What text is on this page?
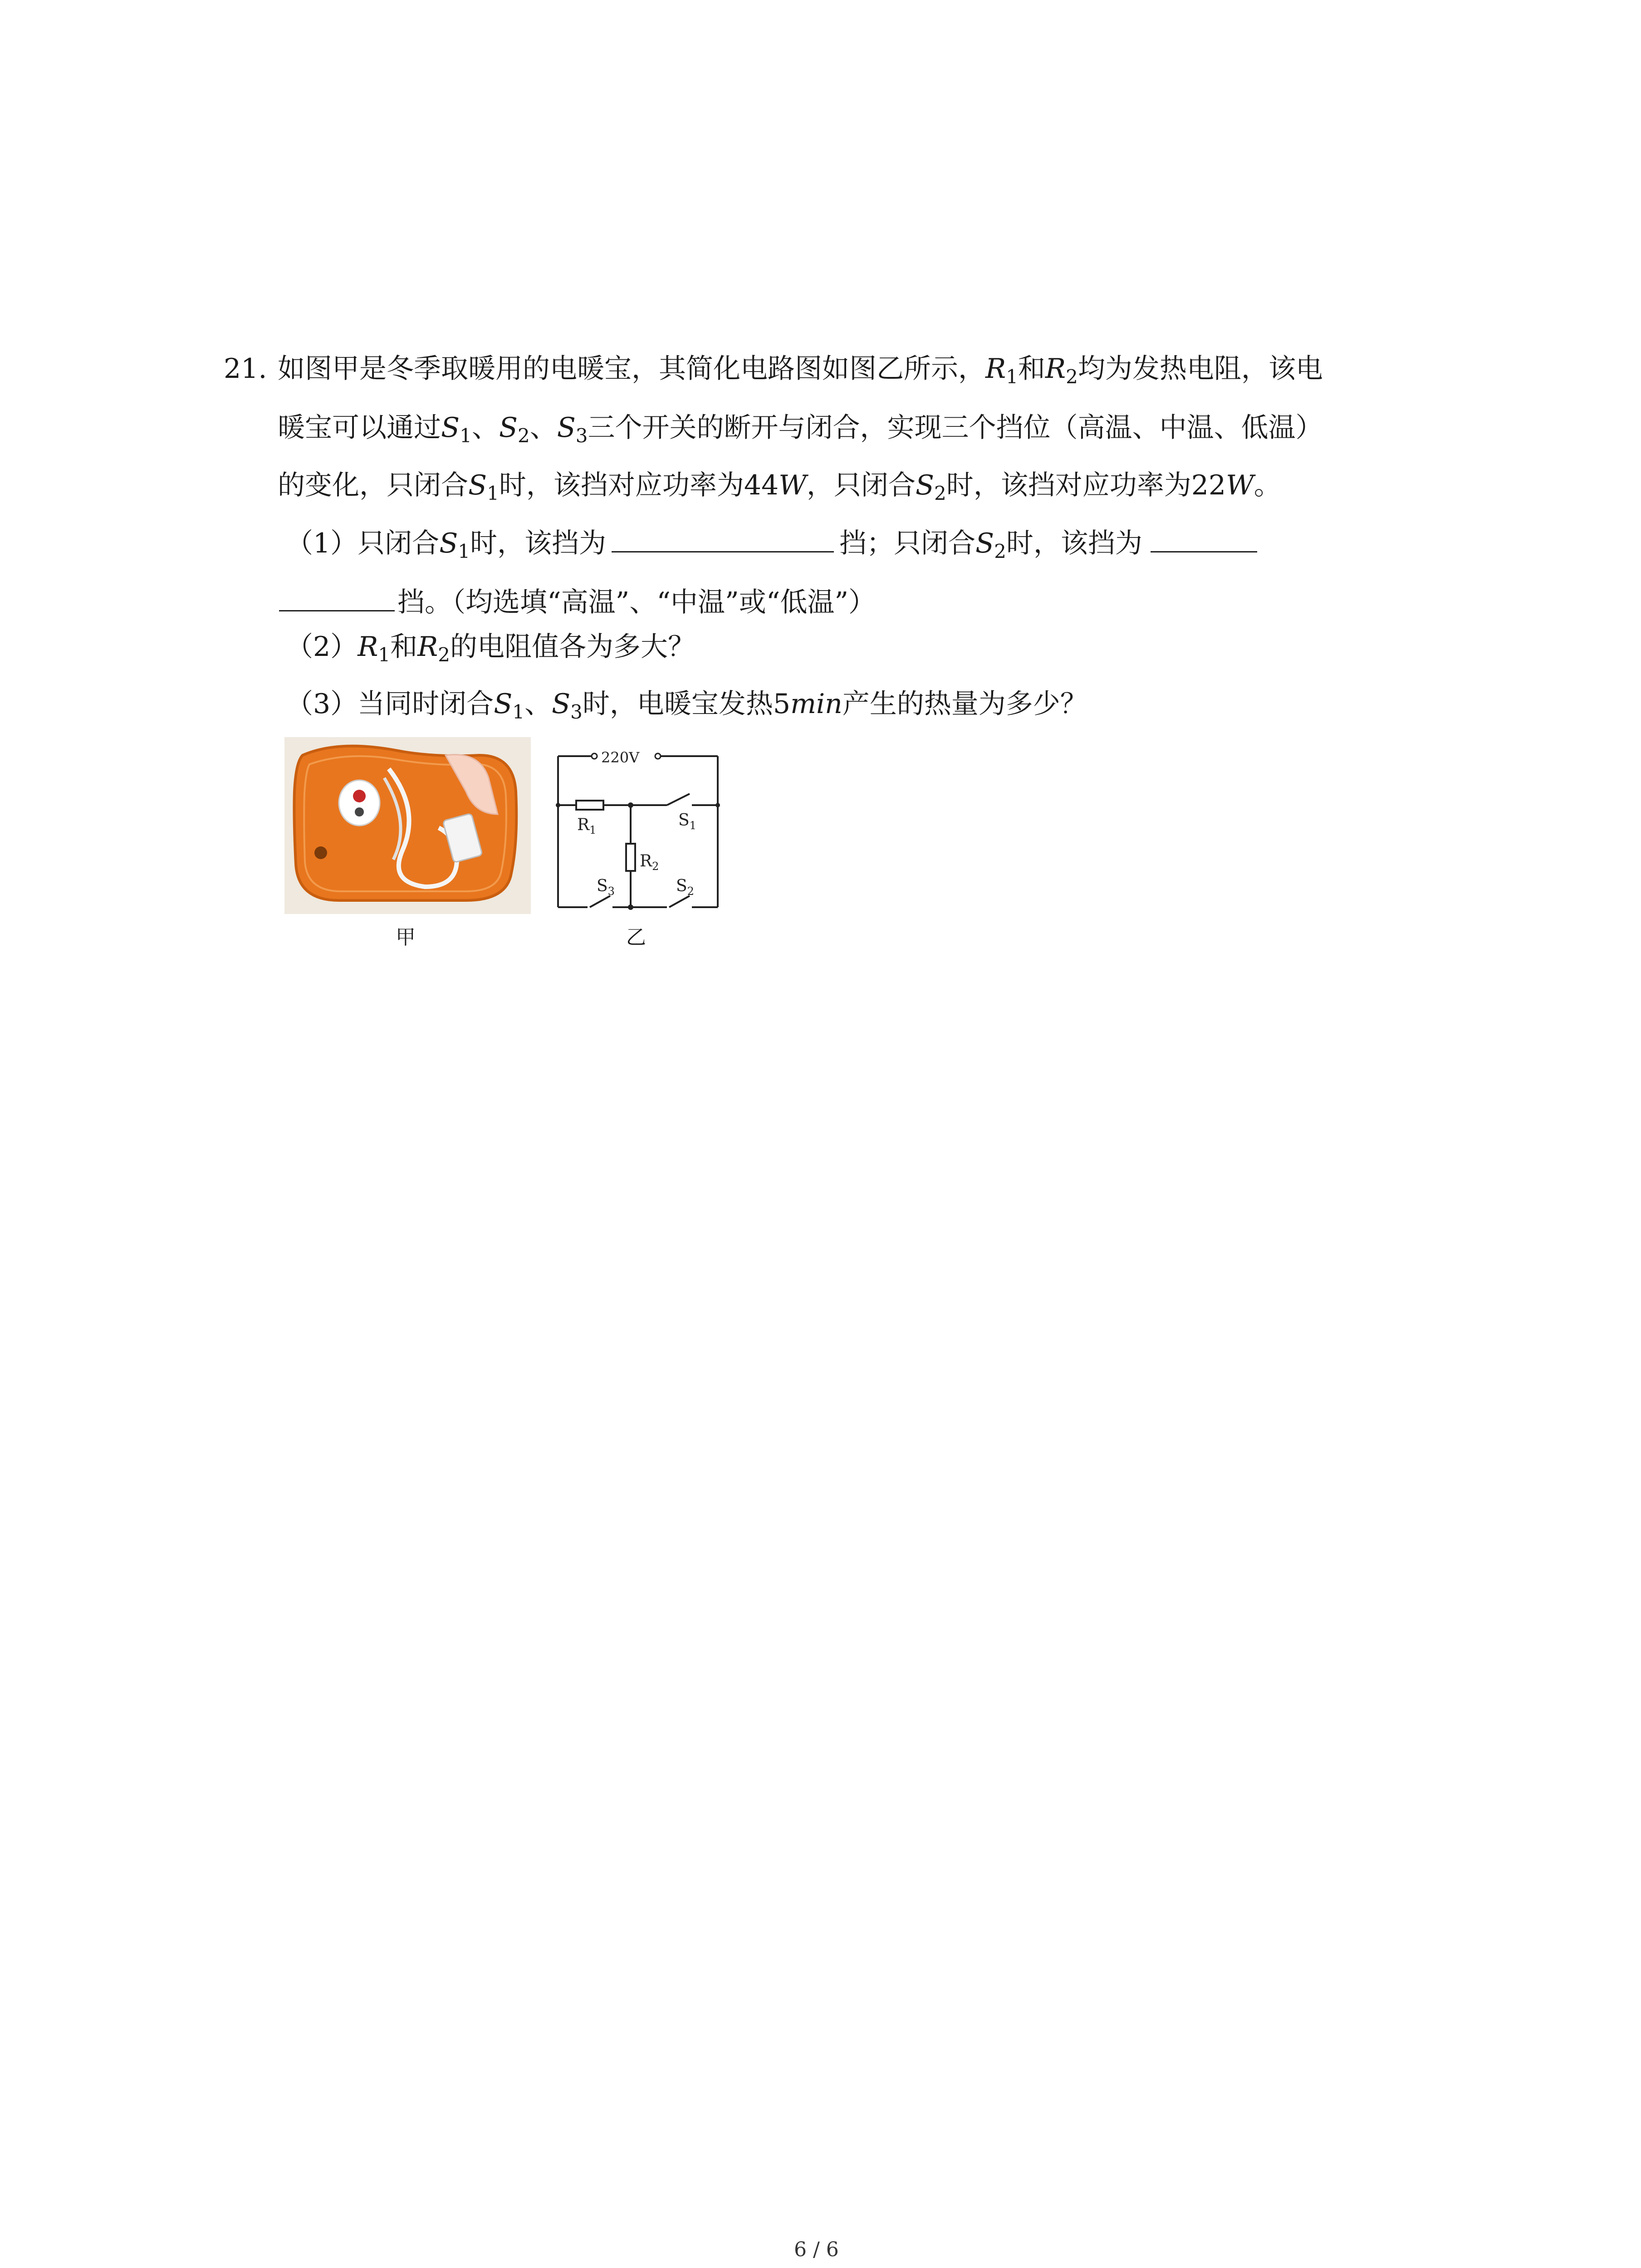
21. 如图甲是冬季取暖用的电暖宝，其简化电路图如图乙所示，$R_1$和$R_2$均为发热电阻，该电
暖宝可以通过$S_1$、$S_2$、$S_3$三个开关的断开与闭合，实现三个挡位（高温、中温、低温）
的变化，只闭合$S_1$时，该挡对应功率为44W，只闭合$S_2$时，该挡对应功率为22W。
（1）只闭合$S_1$时，该挡为	挡；只闭合$S_2$时，该挡为
挡。（均选填“高温”、“中温”或“低温”）
$(2)R_1$和$R_2$的电阻值各为多大？
（3）当同时闭合$S_1$、$S_3$时，电暖宝发热5min产生的热量为多少？
甲
220V
$R_1$
$R_2$
$S_1$
$S_3$	$S_2$
乙
6 / 6
